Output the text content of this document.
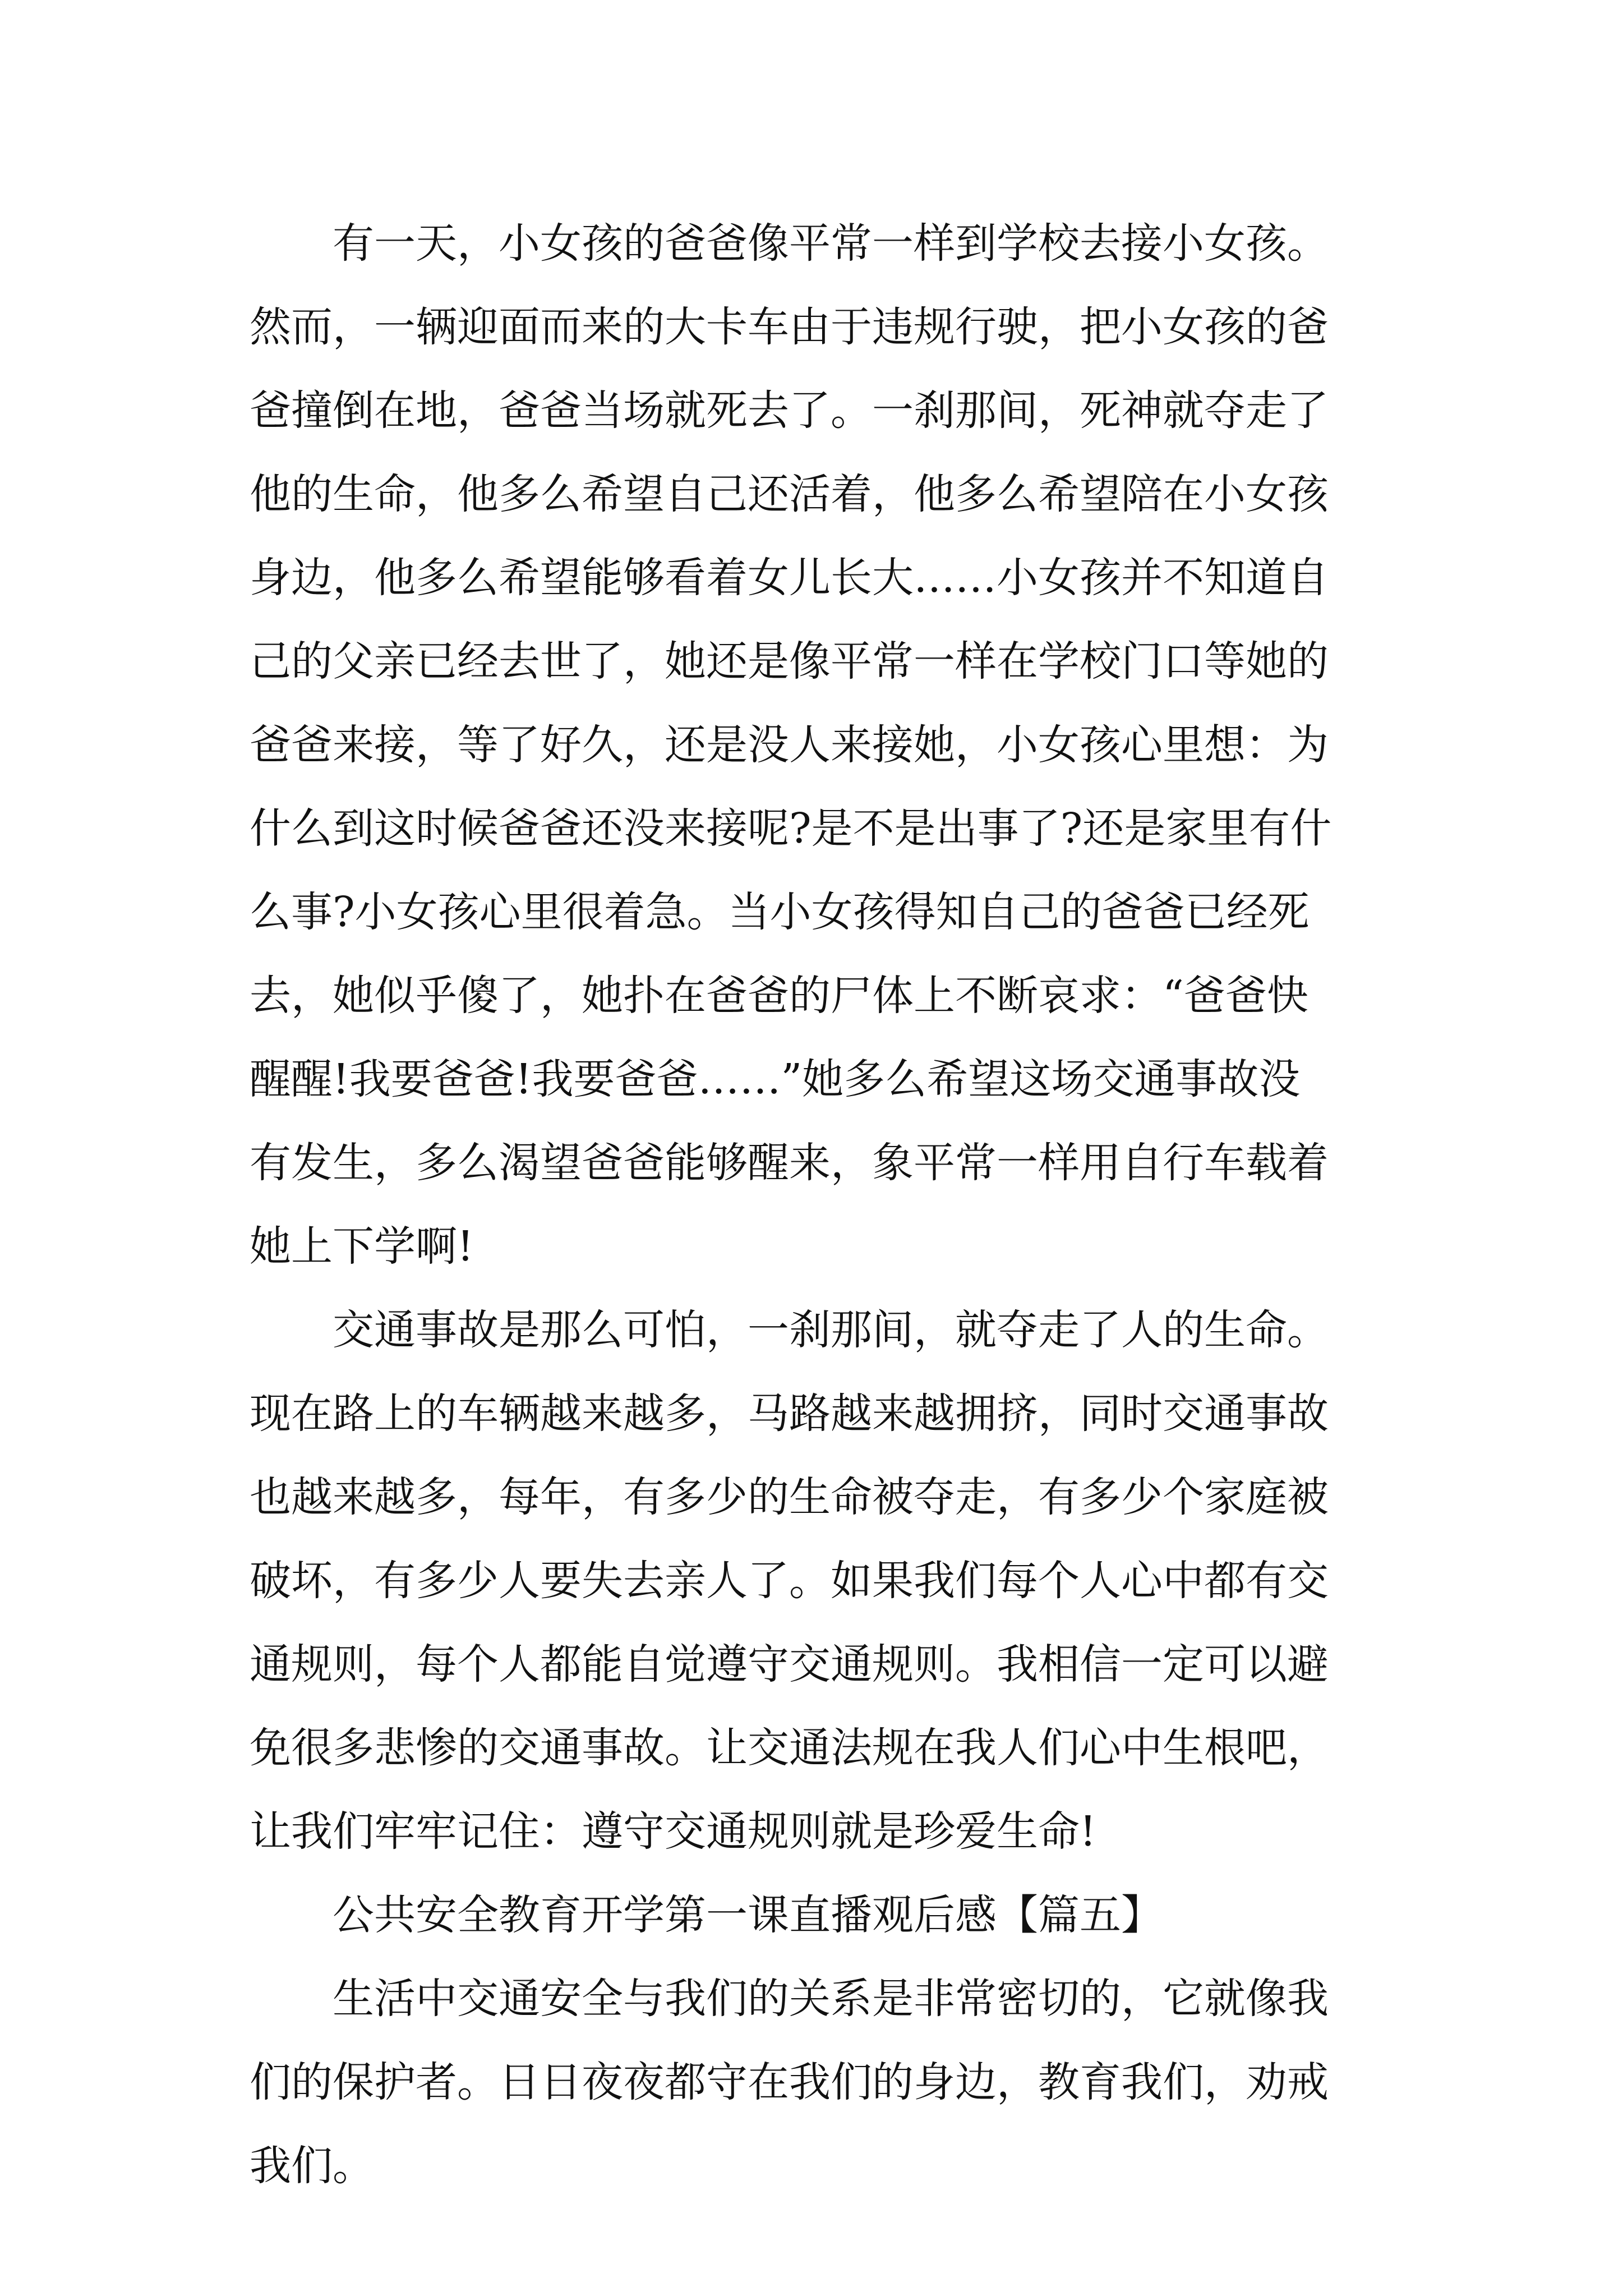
　　有一天，小女孩的爸爸像平常一样到学校去接小女孩。
然而，一辆迎面而来的大卡车由于违规行驶，把小女孩的爸
爸撞倒在地，爸爸当场就死去了。一刹那间，死神就夺走了
他的生命，他多么希望自己还活着，他多么希望陪在小女孩
身边，他多么希望能够看着女儿长大……小女孩并不知道自
己的父亲已经去世了，她还是像平常一样在学校门口等她的
爸爸来接，等了好久，还是没人来接她，小女孩心里想：为
什么到这时候爸爸还没来接呢?是不是出事了?还是家里有什
么事?小女孩心里很着急。当小女孩得知自己的爸爸已经死
去，她似乎傻了，她扑在爸爸的尸体上不断哀求：“爸爸快
醒醒!我要爸爸!我要爸爸……”她多么希望这场交通事故没
有发生，多么渴望爸爸能够醒来，象平常一样用自行车载着
她上下学啊!
　　交通事故是那么可怕，一刹那间，就夺走了人的生命。
现在路上的车辆越来越多，马路越来越拥挤，同时交通事故
也越来越多，每年，有多少的生命被夺走，有多少个家庭被
破坏，有多少人要失去亲人了。如果我们每个人心中都有交
通规则，每个人都能自觉遵守交通规则。我相信一定可以避
免很多悲惨的交通事故。让交通法规在我人们心中生根吧，
让我们牢牢记住：遵守交通规则就是珍爱生命!
　　公共安全教育开学第一课直播观后感【篇五】
　　生活中交通安全与我们的关系是非常密切的，它就像我
们的保护者。日日夜夜都守在我们的身边，教育我们，劝戒
我们。
